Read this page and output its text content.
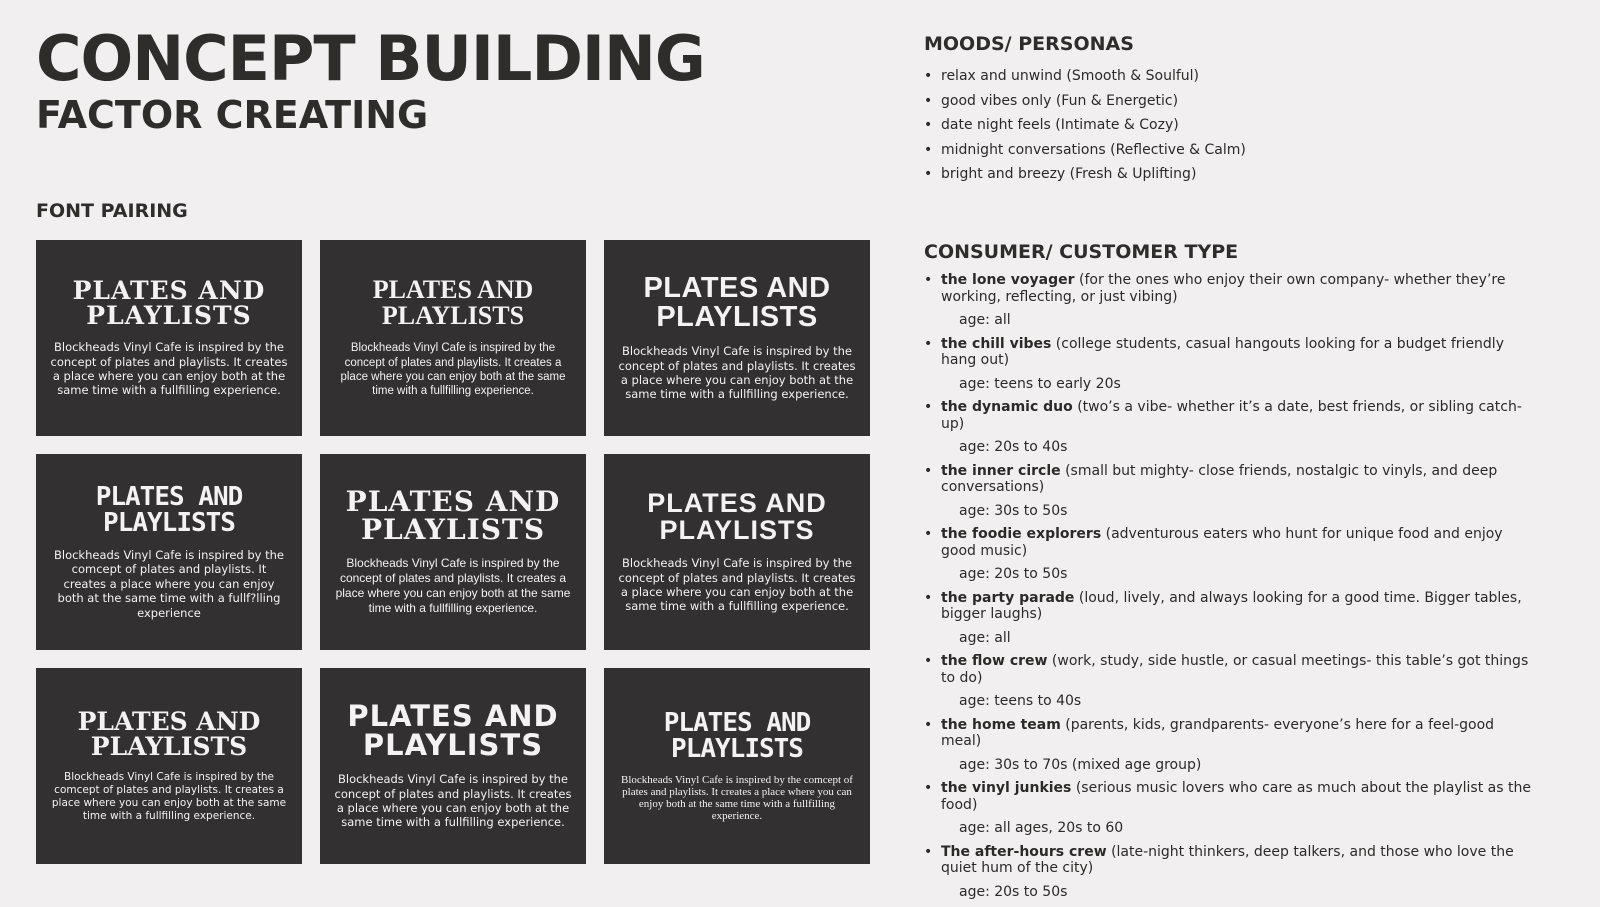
CONCEPT BUILDING
FACTOR CREATING
FONT PAIRING
PLATES AND
PLAYLISTS
Blockheads Vinyl Cafe is inspired by the concept of plates and playlists. It creates a place where you can enjoy both at the same time with a fullfilling experience.
PLATES AND
PLAYLISTS
Blockheads Vinyl Cafe is inspired by the concept of plates and playlists. It creates a place where you can enjoy both at the same time with a fullfilling experience.
PLATES AND
PLAYLISTS
Blockheads Vinyl Cafe is inspired by the concept of plates and playlists. It creates a place where you can enjoy both at the same time with a fullfilling experience.
PLATES AND
PLAYLISTS
Blockheads Vinyl Cafe is inspired by the comcept of plates and playlists. It creates a place where you can enjoy both at the same time with a fullf?lling experience
PLATES AND
PLAYLISTS
Blockheads Vinyl Cafe is inspired by the concept of plates and playlists. It creates a place where you can enjoy both at the same time with a fullfilling experience.
PLATES AND
PLAYLISTS
Blockheads Vinyl Cafe is inspired by the concept of plates and playlists. It creates a place where you can enjoy both at the same time with a fullfilling experience.
PLATES AND
PLAYLISTS
Blockheads Vinyl Cafe is inspired by the comcept of plates and playlists. It creates a place where you can enjoy both at the same time with a fullfilling experience.
PLATES AND
PLAYLISTS
Blockheads Vinyl Cafe is inspired by the concept of plates and playlists. It creates a place where you can enjoy both at the same time with a fullfilling experience.
PLATES AND
PLAYLISTS
Blockheads Vinyl Cafe is inspired by the comcept of plates and playlists. It creates a place where you can enjoy both at the same time with a fullfilling experience.
MOODS/ PERSONAS
• relax and unwind (Smooth & Soulful)
• good vibes only (Fun & Energetic)
• date night feels (Intimate & Cozy)
• midnight conversations (Reflective & Calm)
• bright and breezy (Fresh & Uplifting)
CONSUMER/ CUSTOMER TYPE
• the lone voyager (for the ones who enjoy their own company- whether they’re working, reflecting, or just vibing)
age: all
• the chill vibes (college students, casual hangouts looking for a budget friendly hang out)
age: teens to early 20s
• the dynamic duo (two’s a vibe- whether it’s a date, best friends, or sibling catch-up)
age: 20s to 40s
• the inner circle (small but mighty- close friends, nostalgic to vinyls, and deep conversations)
age: 30s to 50s
• the foodie explorers (adventurous eaters who hunt for unique food and enjoy good music)
age: 20s to 50s
• the party parade (loud, lively, and always looking for a good time. Bigger tables, bigger laughs)
age: all
• the flow crew (work, study, side hustle, or casual meetings- this table’s got things to do)
age: teens to 40s
• the home team (parents, kids, grandparents- everyone’s here for a feel-good meal)
age: 30s to 70s (mixed age group)
• the vinyl junkies (serious music lovers who care as much about the playlist as the food)
age: all ages, 20s to 60
• The after-hours crew (late-night thinkers, deep talkers, and those who love the quiet hum of the city)
age: 20s to 50s
